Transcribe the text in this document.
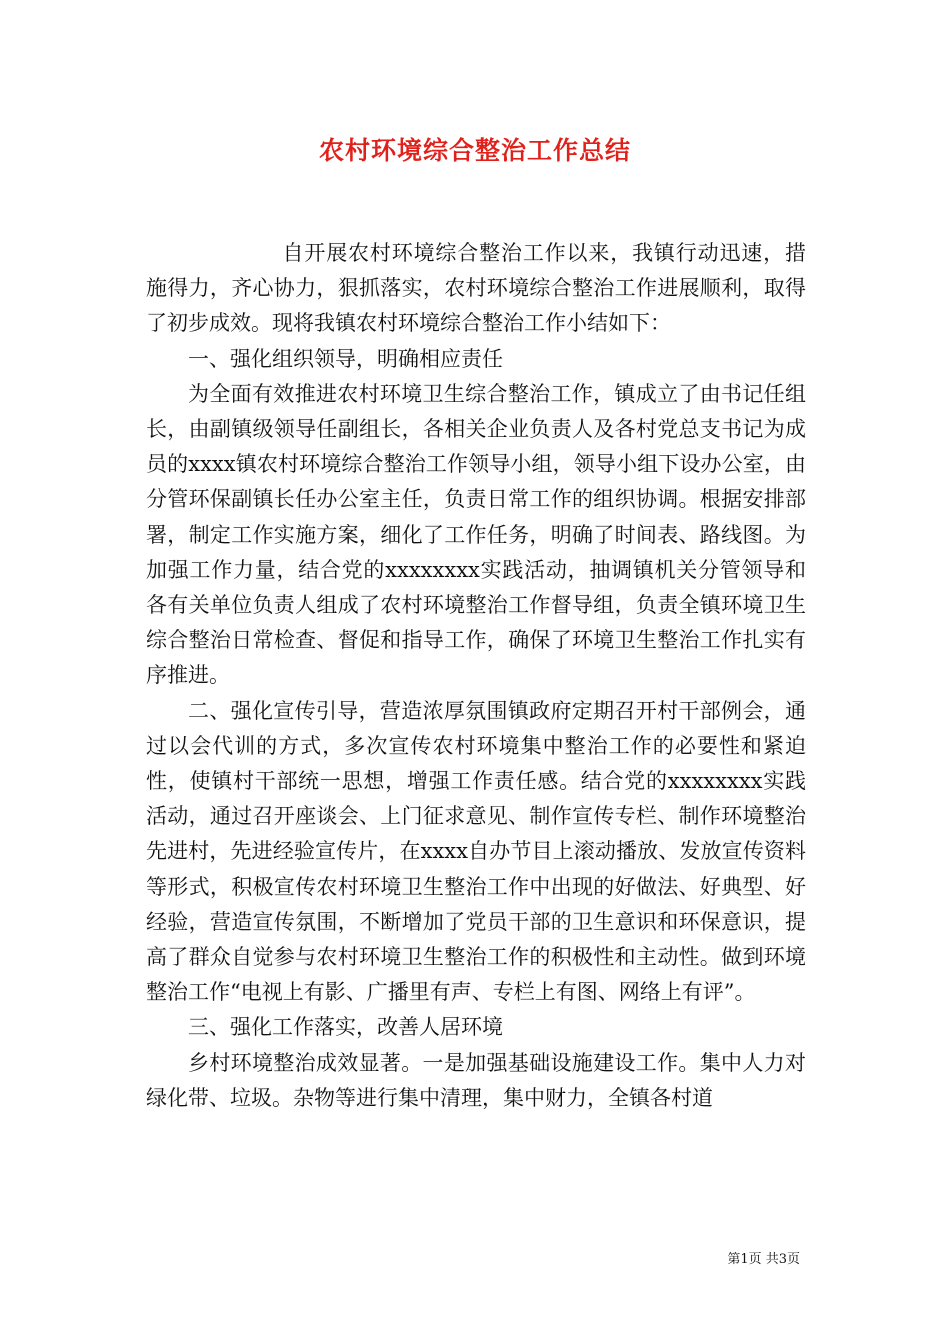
农村环境综合整治工作总结

自开展农村环境综合整治工作以来，我镇行动迅速，措施得力，齐心协力，狠抓落实，农村环境综合整治工作进展顺利，取得了初步成效。现将我镇农村环境综合整治工作小结如下：

一、强化组织领导，明确相应责任

为全面有效推进农村环境卫生综合整治工作，镇成立了由书记任组长，由副镇级领导任副组长，各相关企业负责人及各村党总支书记为成员的xxxx镇农村环境综合整治工作领导小组，领导小组下设办公室，由分管环保副镇长任办公室主任，负责日常工作的组织协调。根据安排部署，制定工作实施方案，细化了工作任务，明确了时间表、路线图。为加强工作力量，结合党的xxxxxxxx实践活动，抽调镇机关分管领导和各有关单位负责人组成了农村环境整治工作督导组，负责全镇环境卫生综合整治日常检查、督促和指导工作，确保了环境卫生整治工作扎实有序推进。

二、强化宣传引导，营造浓厚氛围镇政府定期召开村干部例会，通过以会代训的方式，多次宣传农村环境集中整治工作的必要性和紧迫性，使镇村干部统一思想，增强工作责任感。结合党的xxxxxxxx实践活动，通过召开座谈会、上门征求意见、制作宣传专栏、制作环境整治先进村，先进经验宣传片，在xxxx自办节目上滚动播放、发放宣传资料等形式，积极宣传农村环境卫生整治工作中出现的好做法、好典型、好经验，营造宣传氛围，不断增加了党员干部的卫生意识和环保意识，提高了群众自觉参与农村环境卫生整治工作的积极性和主动性。做到环境整治工作“电视上有影、广播里有声、专栏上有图、网络上有评”。

三、强化工作落实，改善人居环境

乡村环境整治成效显著。一是加强基础设施建设工作。集中人力对绿化带、垃圾。杂物等进行集中清理，集中财力，全镇各村道

第1页 共3页
